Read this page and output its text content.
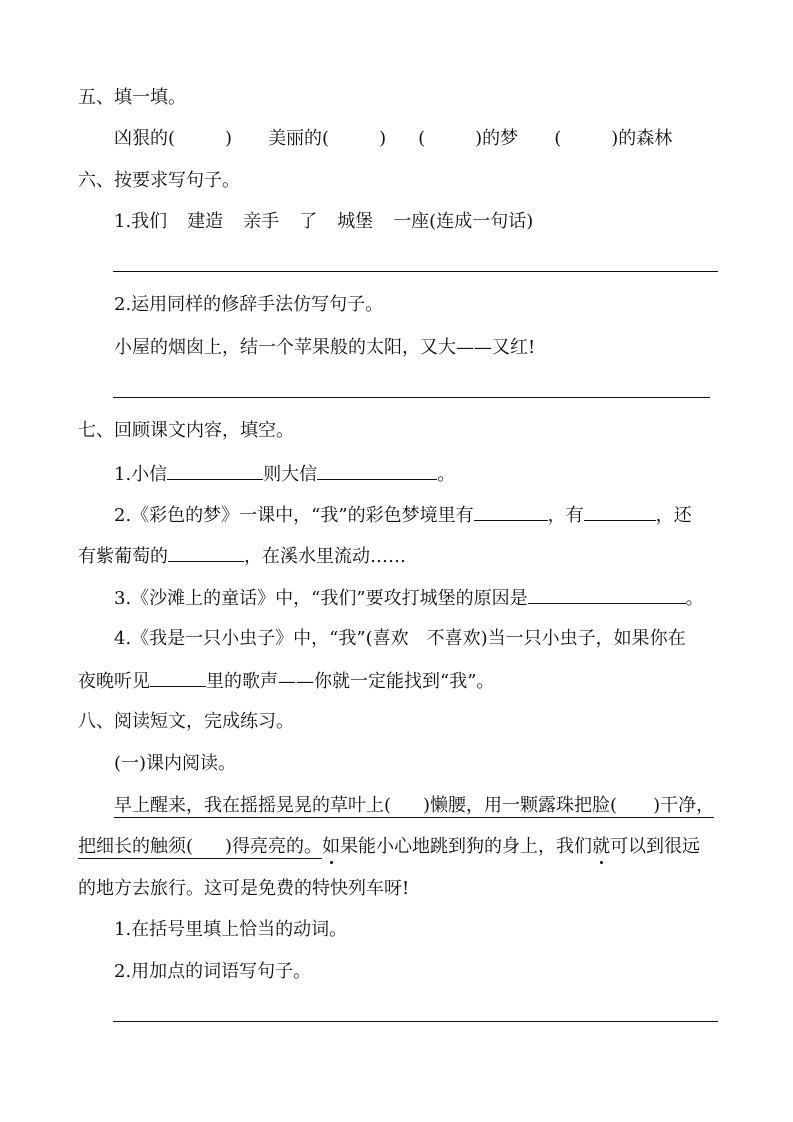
五、填一填。
凶狠的(	) 美丽的(	) (	)的梦 (	)的森林
六、按要求写句子。
1.我们 建造 亲手 了 城堡 一座(连成一句话)
2.运用同样的修辞手法仿写句子。
小屋的烟囱上，结一个苹果般的太阳，又大——又红!
七、回顾课文内容，填空。
1.小信	则大信	。
2.《彩色的梦》一课中，“我”的彩色梦境里有	，有	，还
有紫葡萄的	，在溪水里流动……
3.《沙滩上的童话》中，“我们”要攻打城堡的原因是	。
4.《我是一只小虫子》中，“我”(喜欢　不喜欢)当一只小虫子，如果你在
夜晚听见	里的歌声——你就一定能找到“我”。
八、阅读短文，完成练习。
(一)课内阅读。
早上醒来，我在摇摇晃晃的草叶上( )懒腰，用一颗露珠把脸( )干净，
把细长的触须( )得亮亮的。如果能小心地跳到狗的身上，我们就可以到很远
的地方去旅行。这可是免费的特快列车呀!
1.在括号里填上恰当的动词。
2.用加点的词语写句子。
